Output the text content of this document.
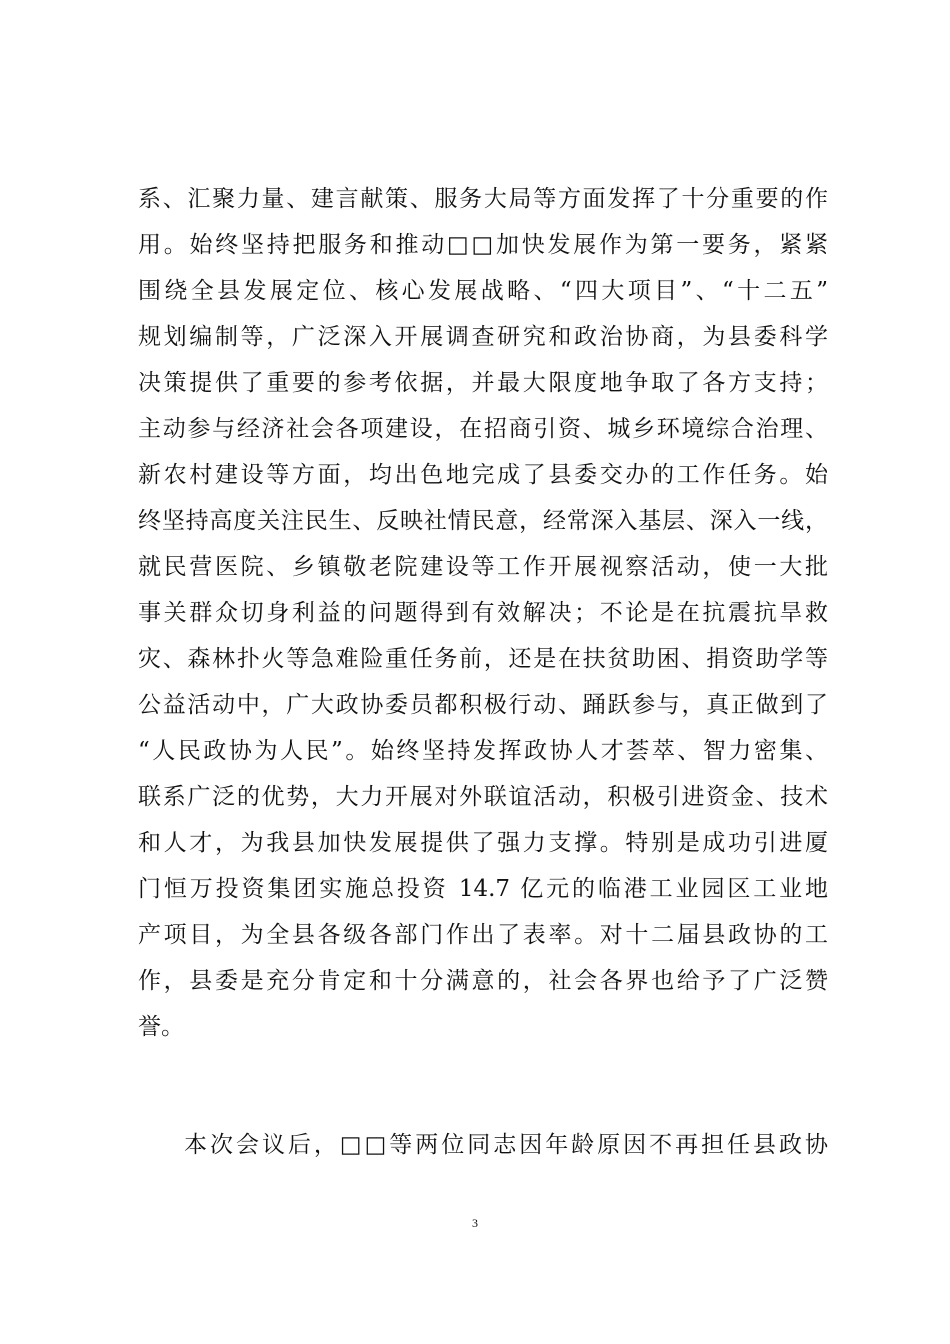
系、汇聚力量、建言献策、服务大局等方面发挥了十分重要的作
用。始终坚持把服务和推动□□加快发展作为第一要务，紧紧
围绕全县发展定位、核心发展战略、“四大项目”、“十二五”
规划编制等，广泛深入开展调查研究和政治协商，为县委科学
决策提供了重要的参考依据，并最大限度地争取了各方支持；
主动参与经济社会各项建设，在招商引资、城乡环境综合治理、
新农村建设等方面，均出色地完成了县委交办的工作任务。始
终坚持高度关注民生、反映社情民意，经常深入基层、深入一线，
就民营医院、乡镇敬老院建设等工作开展视察活动，使一大批
事关群众切身利益的问题得到有效解决；不论是在抗震抗旱救
灾、森林扑火等急难险重任务前，还是在扶贫助困、捐资助学等
公益活动中，广大政协委员都积极行动、踊跃参与，真正做到了
“人民政协为人民”。始终坚持发挥政协人才荟萃、智力密集、
联系广泛的优势，大力开展对外联谊活动，积极引进资金、技术
和人才，为我县加快发展提供了强力支撑。特别是成功引进厦
门恒万投资集团实施总投资 14.7 亿元的临港工业园区工业地
产项目，为全县各级各部门作出了表率。对十二届县政协的工
作，县委是充分肯定和十分满意的，社会各界也给予了广泛赞
誉。
本次会议后，□□等两位同志因年龄原因不再担任县政协
3
